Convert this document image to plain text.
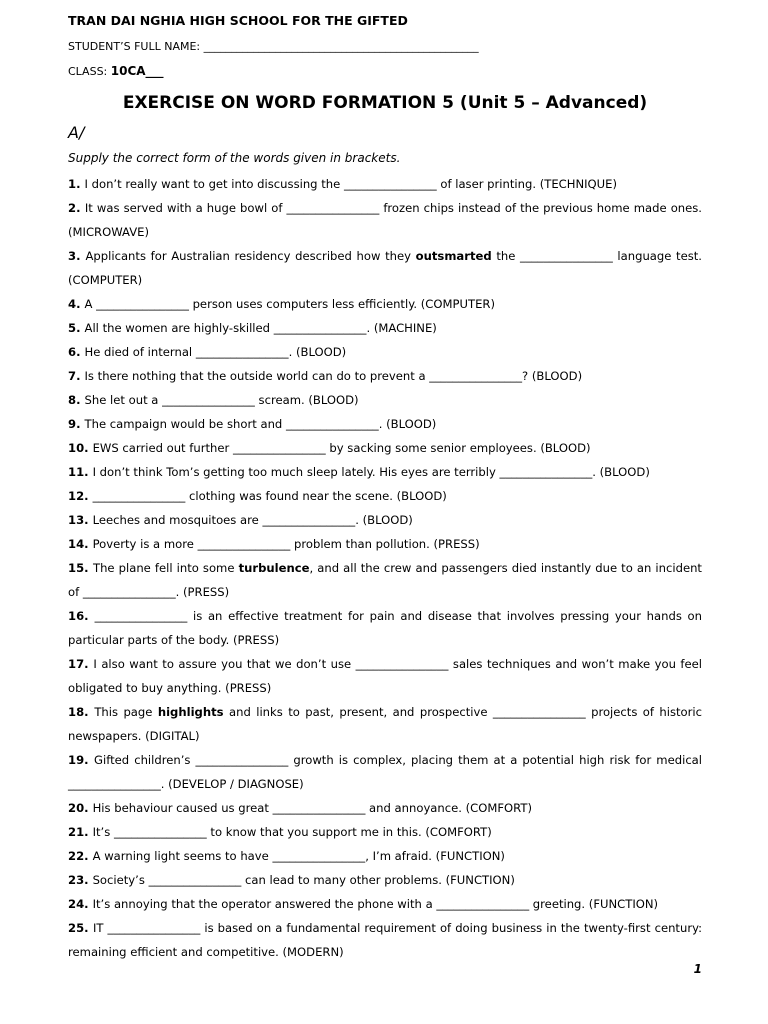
TRAN DAI NGHIA HIGH SCHOOL FOR THE GIFTED

STUDENT’S FULL NAME: __________________________________________________

CLASS: 10CA___

EXERCISE ON WORD FORMATION 5 (Unit 5 – Advanced)

A/

Supply the correct form of the words given in brackets.

1. I don’t really want to get into discussing the ________________ of laser printing. (TECHNIQUE)

2. It was served with a huge bowl of ________________ frozen chips instead of the previous home made ones. (MICROWAVE)

3. Applicants for Australian residency described how they outsmarted the ________________ language test. (COMPUTER)

4. A ________________ person uses computers less efficiently. (COMPUTER)

5. All the women are highly-skilled ________________. (MACHINE)

6. He died of internal ________________. (BLOOD)

7. Is there nothing that the outside world can do to prevent a ________________? (BLOOD)

8. She let out a ________________ scream. (BLOOD)

9. The campaign would be short and ________________. (BLOOD)

10. EWS carried out further ________________ by sacking some senior employees. (BLOOD)

11. I don’t think Tom’s getting too much sleep lately. His eyes are terribly ________________. (BLOOD)

12. ________________ clothing was found near the scene. (BLOOD)

13. Leeches and mosquitoes are ________________. (BLOOD)

14. Poverty is a more ________________ problem than pollution. (PRESS)

15. The plane fell into some turbulence, and all the crew and passengers died instantly due to an incident of ________________. (PRESS)

16. ________________ is an effective treatment for pain and disease that involves pressing your hands on particular parts of the body. (PRESS)

17. I also want to assure you that we don’t use ________________ sales techniques and won’t make you feel obligated to buy anything. (PRESS)

18. This page highlights and links to past, present, and prospective ________________ projects of historic newspapers. (DIGITAL)

19. Gifted children’s ________________ growth is complex, placing them at a potential high risk for medical ________________. (DEVELOP / DIAGNOSE)

20. His behaviour caused us great ________________ and annoyance. (COMFORT)

21. It’s ________________ to know that you support me in this. (COMFORT)

22. A warning light seems to have ________________, I’m afraid. (FUNCTION)

23. Society’s ________________ can lead to many other problems. (FUNCTION)

24. It’s annoying that the operator answered the phone with a ________________ greeting. (FUNCTION)

25. IT ________________ is based on a fundamental requirement of doing business in the twenty-first century: remaining efficient and competitive. (MODERN)

1
